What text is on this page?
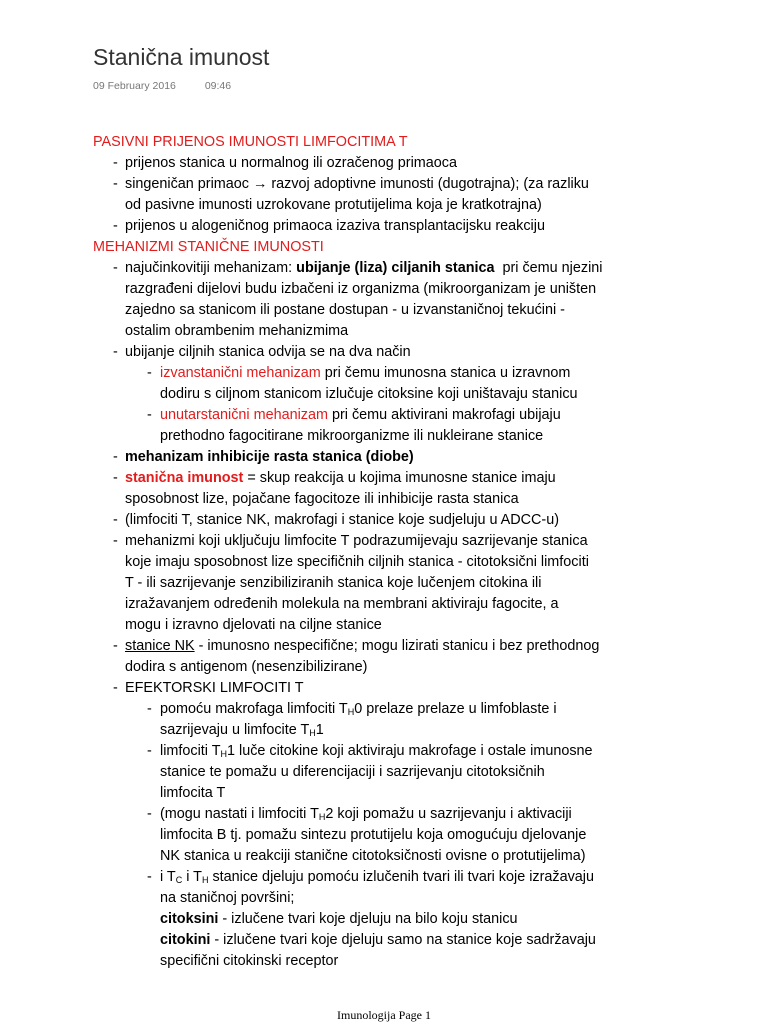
Stanična imunost
09 February 2016	09:46
PASIVNI PRIJENOS IMUNOSTI LIMFOCITIMA T
- prijenos stanica u normalnog ili ozračenog primaoca
- singeničan primaoc → razvoj adoptivne imunosti (dugotrajna); (za razliku
od pasivne imunosti uzrokovane protutijelima koja je kratkotrajna)
- prijenos u alogeničnog primaoca izaziva transplantacijsku reakciju
MEHANIZMI STANIČNE IMUNOSTI
- najučinkovitiji mehanizam: ubijanje (liza) ciljanih stanica  pri čemu njezini
razgrađeni dijelovi budu izbačeni iz organizma (mikroorganizam je uništen
zajedno sa stanicom ili postane dostupan - u izvanstaničnoj tekućini -
ostalim obrambenim mehanizmima
- ubijanje ciljnih stanica odvija se na dva način
- izvanstanični mehanizam pri čemu imunosna stanica u izravnom
dodiru s ciljnom stanicom izlučuje citoksine koji uništavaju stanicu
- unutarstanični mehanizam pri čemu aktivirani makrofagi ubijaju
prethodno fagocitirane mikroorganizme ili nukleirane stanice
- mehanizam inhibicije rasta stanica (diobe)
- stanična imunost = skup reakcija u kojima imunosne stanice imaju
sposobnost lize, pojačane fagocitoze ili inhibicije rasta stanica
- (limfociti T, stanice NK, makrofagi i stanice koje sudjeluju u ADCC-u)
- mehanizmi koji uključuju limfocite T podrazumijevaju sazrijevanje stanica
koje imaju sposobnost lize specifičnih ciljnih stanica - citotoksični limfociti
T - ili sazrijevanje senzibiliziranih stanica koje lučenjem citokina ili
izražavanjem određenih molekula na membrani aktiviraju fagocite, a
mogu i izravno djelovati na ciljne stanice
- stanice NK - imunosno nespecifične; mogu lizirati stanicu i bez prethodnog
dodira s antigenom (nesenzibilizirane)
- EFEKTORSKI LIMFOCITI T
- pomoću makrofaga limfociti $T_H0$ prelaze prelaze u limfoblaste i
sazrijevaju u limfocite $T_H1$
- limfociti $T_H1$ luče citokine koji aktiviraju makrofage i ostale imunosne
stanice te pomažu u diferencijaciji i sazrijevanju citotoksičnih
limfocita T
- (mogu nastati i limfociti $T_H2$ koji pomažu u sazrijevanju i aktivaciji
limfocita B tj. pomažu sintezu protutijelu koja omogućuju djelovanje
NK stanica u reakciji stanične citotoksičnosti ovisne o protutijelima)
- i $T_C$ i $T_H$ stanice djeluju pomoću izlučenih tvari ili tvari koje izražavaju
na staničnoj površini;
citoksini - izlučene tvari koje djeluju na bilo koju stanicu
citokini - izlučene tvari koje djeluju samo na stanice koje sadržavaju
specifični citokinski receptor
Imunologija Page 1
